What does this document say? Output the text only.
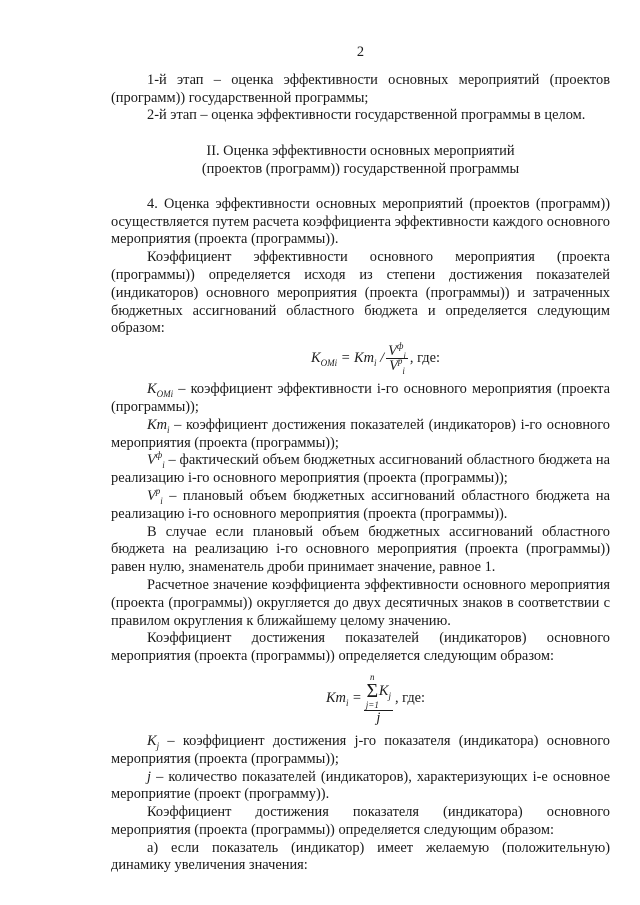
2

1-й этап – оценка эффективности основных мероприятий (проектов (программ)) государственной программы;

2-й этап – оценка эффективности государственной программы в целом.

II. Оценка эффективности основных мероприятий
(проектов (программ)) государственной программы

4. Оценка эффективности основных мероприятий (проектов (программ)) осуществляется путем расчета коэффициента эффективности каждого основного мероприятия (проекта (программы)).

Коэффициент эффективности основного мероприятия (проекта (программы)) определяется исходя из степени достижения показателей (индикаторов) основного мероприятия (проекта (программы)) и затраченных бюджетных ассигнований областного бюджета и определяется следующим образом:

$K_{OMi} = Km_i / \frac{V^ф_i}{V^p_i}$ , где:

$K_{OMi}$ – коэффициент эффективности i-го основного мероприятия (проекта (программы));

$Km_i$ – коэффициент достижения показателей (индикаторов) i-го основного мероприятия (проекта (программы));

$V^ф_i$ – фактический объем бюджетных ассигнований областного бюджета на реализацию i-го основного мероприятия (проекта (программы));

$V^p_i$ – плановый объем бюджетных ассигнований областного бюджета на реализацию i-го основного мероприятия (проекта (программы)).

В случае если плановый объем бюджетных ассигнований областного бюджета на реализацию i-го основного мероприятия (проекта (программы)) равен нулю, знаменатель дроби принимает значение, равное 1.

Расчетное значение коэффициента эффективности основного мероприятия (проекта (программы)) округляется до двух десятичных знаков в соответствии с правилом округления к ближайшему целому значению.

Коэффициент достижения показателей (индикаторов) основного мероприятия (проекта (программы)) определяется следующим образом:

$Km_i = n$
Σ
j=1
$K_j$
j , где:

$K_j$ – коэффициент достижения j-го показателя (индикатора) основного мероприятия (проекта (программы));

j – количество показателей (индикаторов), характеризующих i-е основное мероприятие (проект (программу)).

Коэффициент достижения показателя (индикатора) основного мероприятия (проекта (программы)) определяется следующим образом:

а) если показатель (индикатор) имеет желаемую (положительную) динамику увеличения значения:
